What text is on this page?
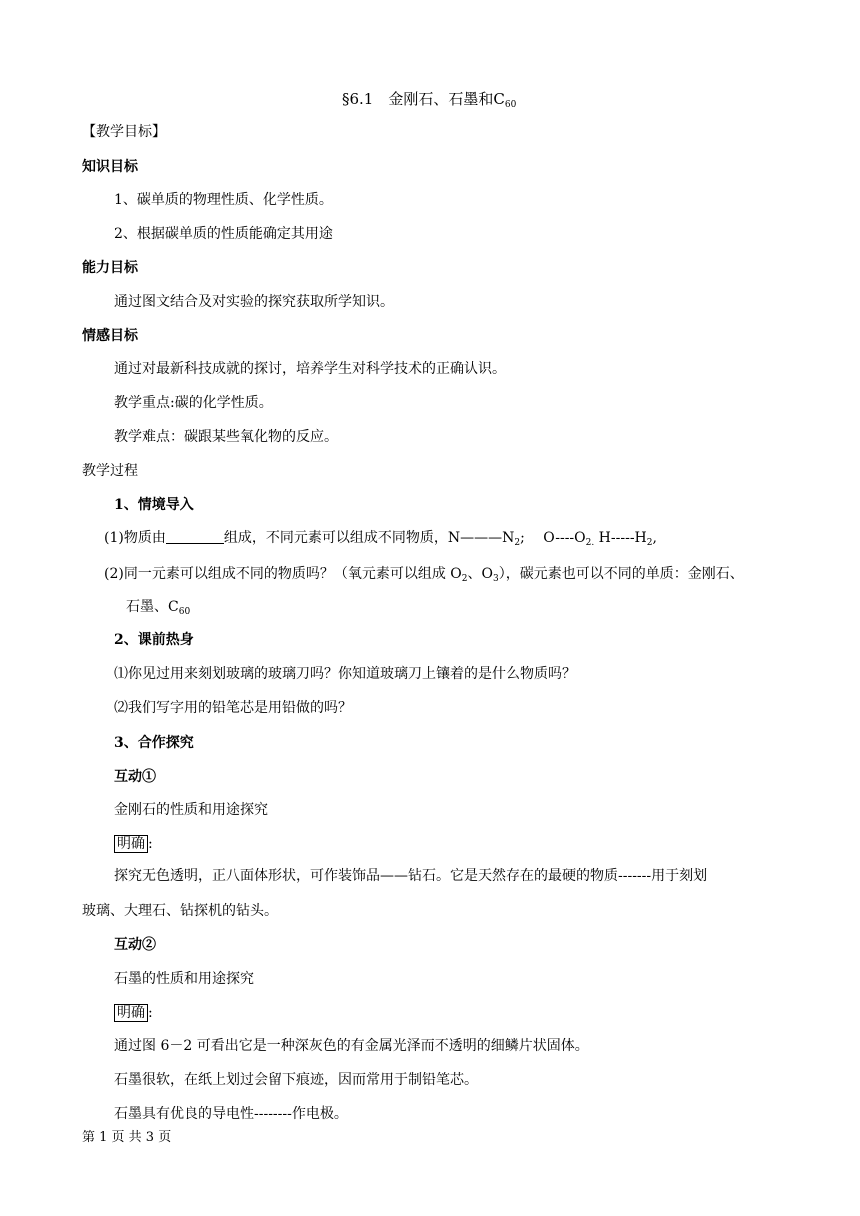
§6.1　金刚石、石墨和$C_{60}$
【教学目标】
知识目标
1、碳单质的物理性质、化学性质。
2、根据碳单质的性质能确定其用途
能力目标
通过图文结合及对实验的探究获取所学知识。
情感目标
通过对最新科技成就的探讨，培养学生对科学技术的正确认识。
教学重点:碳的化学性质。
教学难点：碳跟某些氧化物的反应。
教学过程
1、情境导入
(1)物质由	组成，不同元素可以组成不同物质，$N———N_2$;　 $O----O_{2.}$ $H-----H_2$,
(2)同一元素可以组成不同的物质吗？（氧元素可以组成 $O_2$、$O_3$），碳元素也可以不同的单质：金刚石、
石墨、$C_{60}$
2、课前热身
⑴你见过用来刻划玻璃的玻璃刀吗？你知道玻璃刀上镶着的是什么物质吗？
⑵我们写字用的铅笔芯是用铅做的吗？
3、合作探究
互动①
金刚石的性质和用途探究
明确 :
探究无色透明，正八面体形状，可作装饰品——钻石。它是天然存在的最硬的物质-------用于刻划
玻璃、大理石、钻探机的钻头。
互动②
石墨的性质和用途探究
明确 :
通过图 6－2 可看出它是一种深灰色的有金属光泽而不透明的细鳞片状固体。
石墨很软，在纸上划过会留下痕迹，因而常用于制铅笔芯。
石墨具有优良的导电性--------作电极。
第 1 页 共 3 页
